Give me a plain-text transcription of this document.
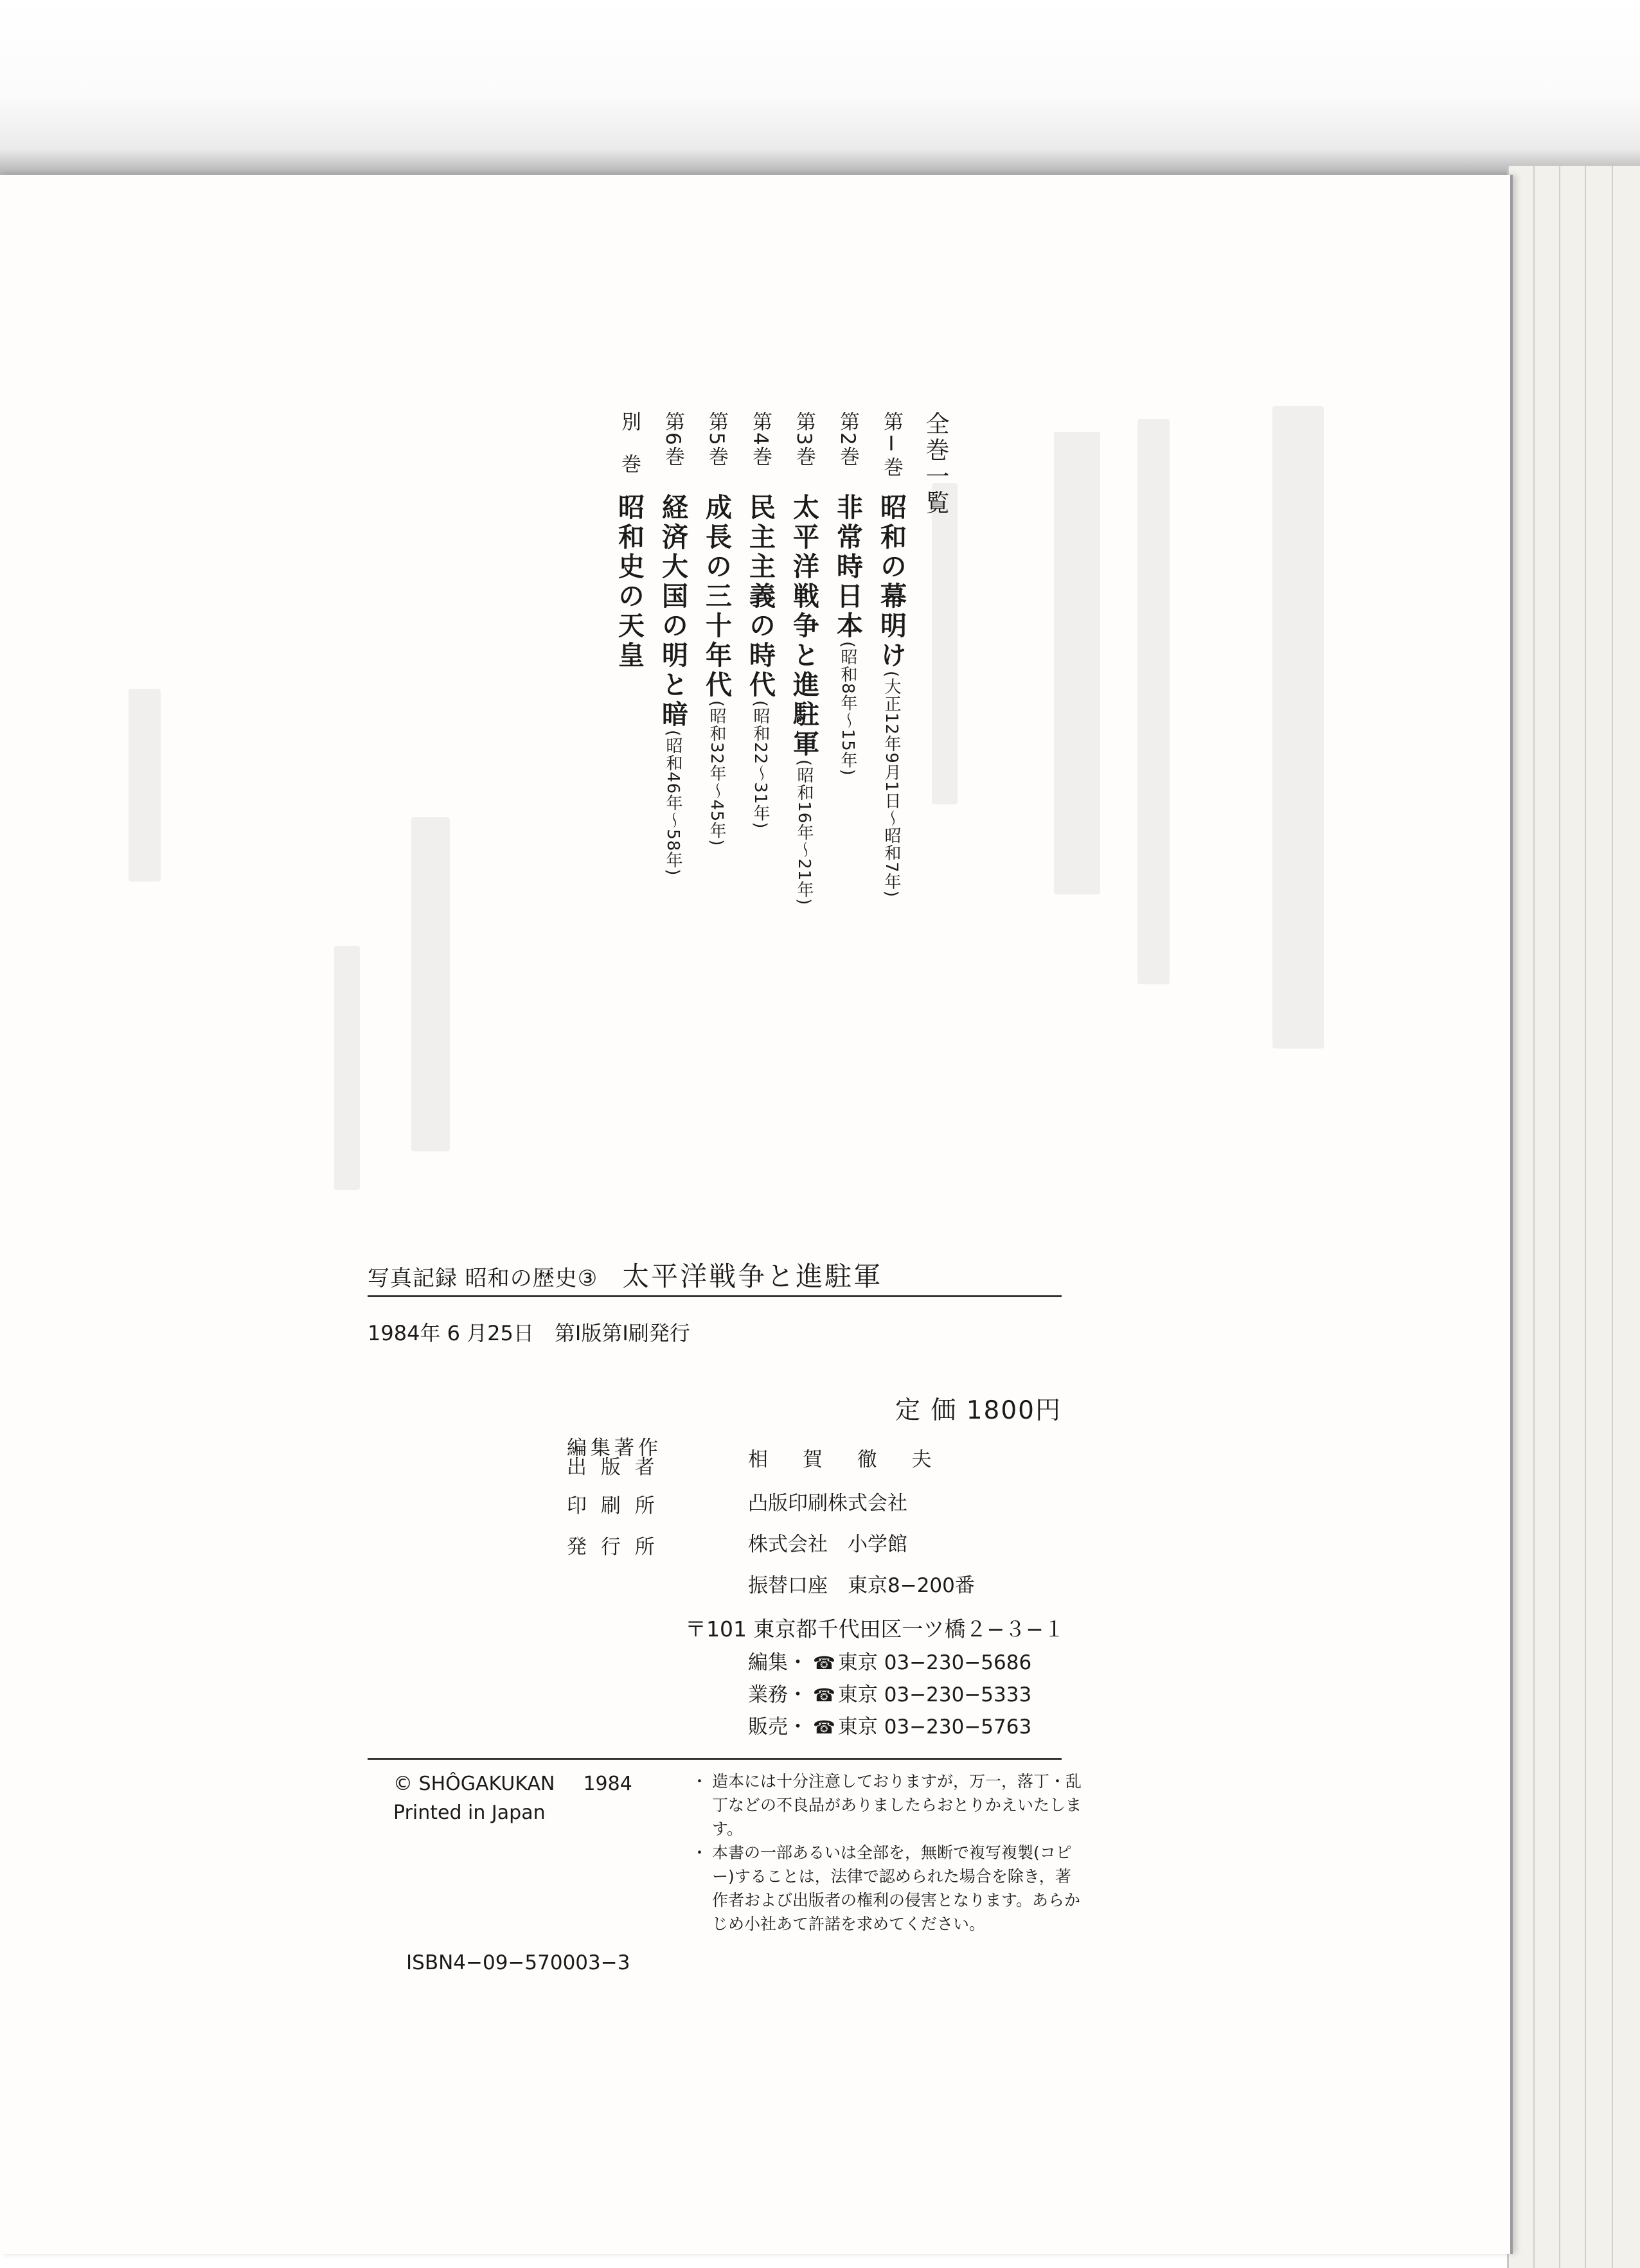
全巻一覧
第Ⅰ巻昭和の幕明け(大正12年9月1日〜昭和7年)
第2巻非常時日本(昭和8年〜15年)
第3巻太平洋戦争と進駐軍(昭和16年〜21年)
第4巻民主主義の時代(昭和22〜31年)
第5巻成長の三十年代(昭和32年〜45年)
第6巻経済大国の明と暗(昭和46年〜58年)
別　巻昭和史の天皇
写真記録 昭和の歴史③ 太平洋戦争と進駐軍
1984年 6 月25日 第Ⅰ版第Ⅰ刷発行
定 価 1800円
編集著作
出 版 者
印 刷 所
発 行 所
相 賀 徹 夫
凸版印刷株式会社
株式会社　小学館
振替口座　東京8−200番
〒101 東京都千代田区一ツ橋２−３−１
編集・ ☎ 東京 03−230−5686
業務・ ☎ 東京 03−230−5333
販売・ ☎ 東京 03−230−5763
© SHÔGAKUKAN 1984
Printed in Japan

・ 造本には十分注意しておりますが，万一，落丁・乱丁などの不良品がありましたらおとりかえいたします。

・ 本書の一部あるいは全部を，無断で複写複製(コピー)することは，法律で認められた場合を除き，著作者および出版者の権利の侵害となります。あらかじめ小社あて許諾を求めてください。

ISBN4−09−570003−3
